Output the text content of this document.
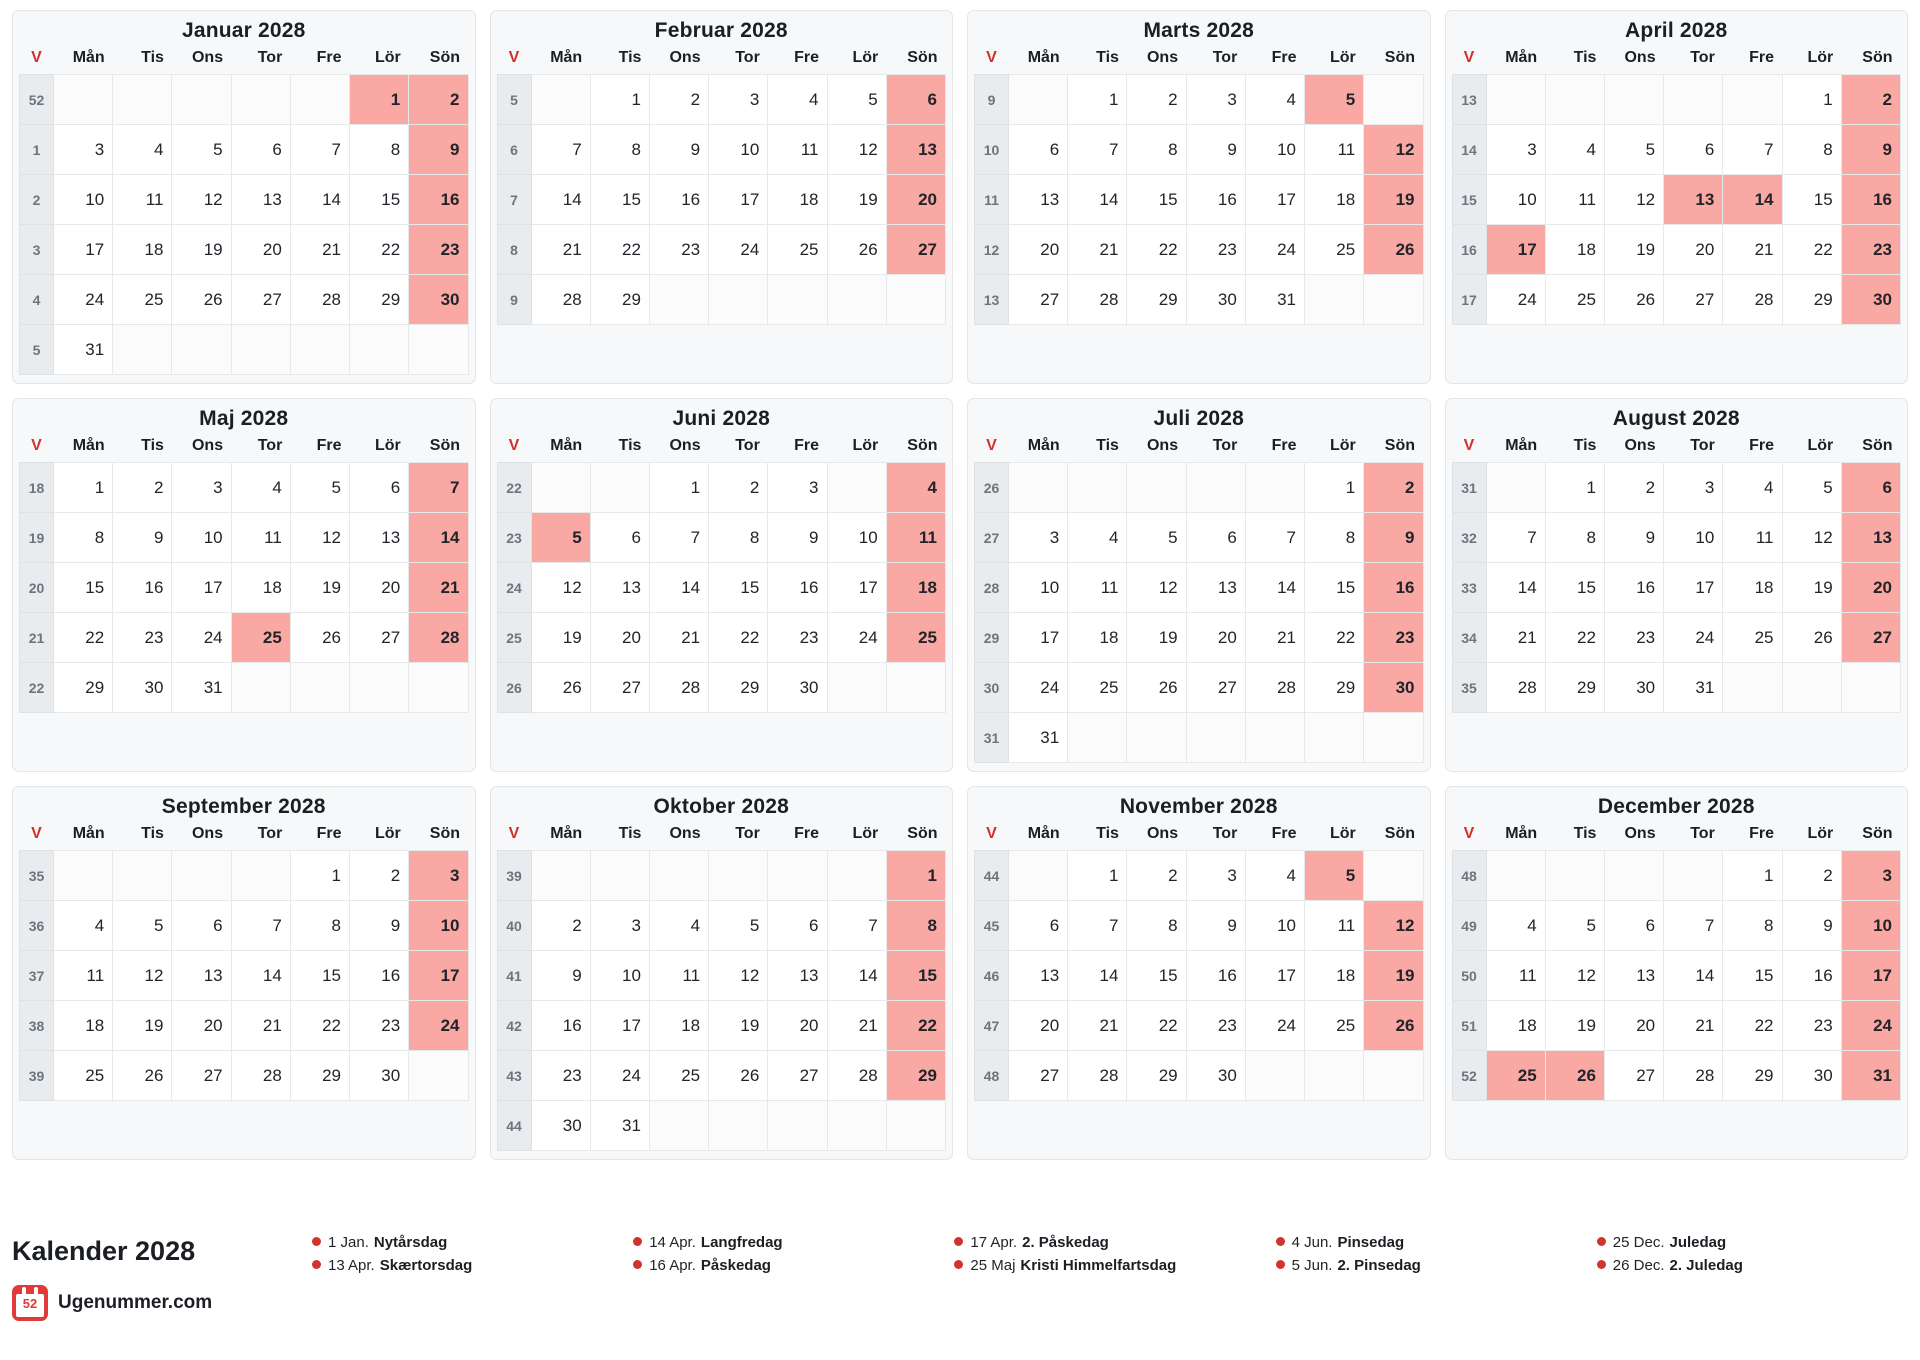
Januar 2028
V	Mån	Tis	Ons	Tor	Fre	Lör	Sön
52						1	2
1	3	4	5	6	7	8	9
2	10	11	12	13	14	15	16
3	17	18	19	20	21	22	23
4	24	25	26	27	28	29	30
5	31						
Februar 2028
V	Mån	Tis	Ons	Tor	Fre	Lör	Sön
5		1	2	3	4	5	6
6	7	8	9	10	11	12	13
7	14	15	16	17	18	19	20
8	21	22	23	24	25	26	27
9	28	29					
Marts 2028
V	Mån	Tis	Ons	Tor	Fre	Lör	Sön
9		1	2	3	4	5	
10	6	7	8	9	10	11	12
11	13	14	15	16	17	18	19
12	20	21	22	23	24	25	26
13	27	28	29	30	31		
April 2028
V	Mån	Tis	Ons	Tor	Fre	Lör	Sön
13						1	2
14	3	4	5	6	7	8	9
15	10	11	12	13	14	15	16
16	17	18	19	20	21	22	23
17	24	25	26	27	28	29	30
Maj 2028
V	Mån	Tis	Ons	Tor	Fre	Lör	Sön
18	1	2	3	4	5	6	7
19	8	9	10	11	12	13	14
20	15	16	17	18	19	20	21
21	22	23	24	25	26	27	28
22	29	30	31				
Juni 2028
V	Mån	Tis	Ons	Tor	Fre	Lör	Sön
22			1	2	3		4
23	5	6	7	8	9	10	11
24	12	13	14	15	16	17	18
25	19	20	21	22	23	24	25
26	26	27	28	29	30		
Juli 2028
V	Mån	Tis	Ons	Tor	Fre	Lör	Sön
26						1	2
27	3	4	5	6	7	8	9
28	10	11	12	13	14	15	16
29	17	18	19	20	21	22	23
30	24	25	26	27	28	29	30
31	31						
August 2028
V	Mån	Tis	Ons	Tor	Fre	Lör	Sön
31		1	2	3	4	5	6
32	7	8	9	10	11	12	13
33	14	15	16	17	18	19	20
34	21	22	23	24	25	26	27
35	28	29	30	31			
September 2028
V	Mån	Tis	Ons	Tor	Fre	Lör	Sön
35					1	2	3
36	4	5	6	7	8	9	10
37	11	12	13	14	15	16	17
38	18	19	20	21	22	23	24
39	25	26	27	28	29	30	
Oktober 2028
V	Mån	Tis	Ons	Tor	Fre	Lör	Sön
39							1
40	2	3	4	5	6	7	8
41	9	10	11	12	13	14	15
42	16	17	18	19	20	21	22
43	23	24	25	26	27	28	29
44	30	31					
November 2028
V	Mån	Tis	Ons	Tor	Fre	Lör	Sön
44		1	2	3	4	5	
45	6	7	8	9	10	11	12
46	13	14	15	16	17	18	19
47	20	21	22	23	24	25	26
48	27	28	29	30			
December 2028
V	Mån	Tis	Ons	Tor	Fre	Lör	Sön
48					1	2	3
49	4	5	6	7	8	9	10
50	11	12	13	14	15	16	17
51	18	19	20	21	22	23	24
52	25	26	27	28	29	30	31
Kalender 2028
52	Ugenummer.com
1 Jan. Nytårsdag	14 Apr. Langfredag	17 Apr. 2. Påskedag	4 Jun. Pinsedag	25 Dec. Juledag
13 Apr. Skærtorsdag	16 Apr. Påskedag	25 Maj Kristi Himmelfartsdag	5 Jun. 2. Pinsedag	26 Dec. 2. Juledag
